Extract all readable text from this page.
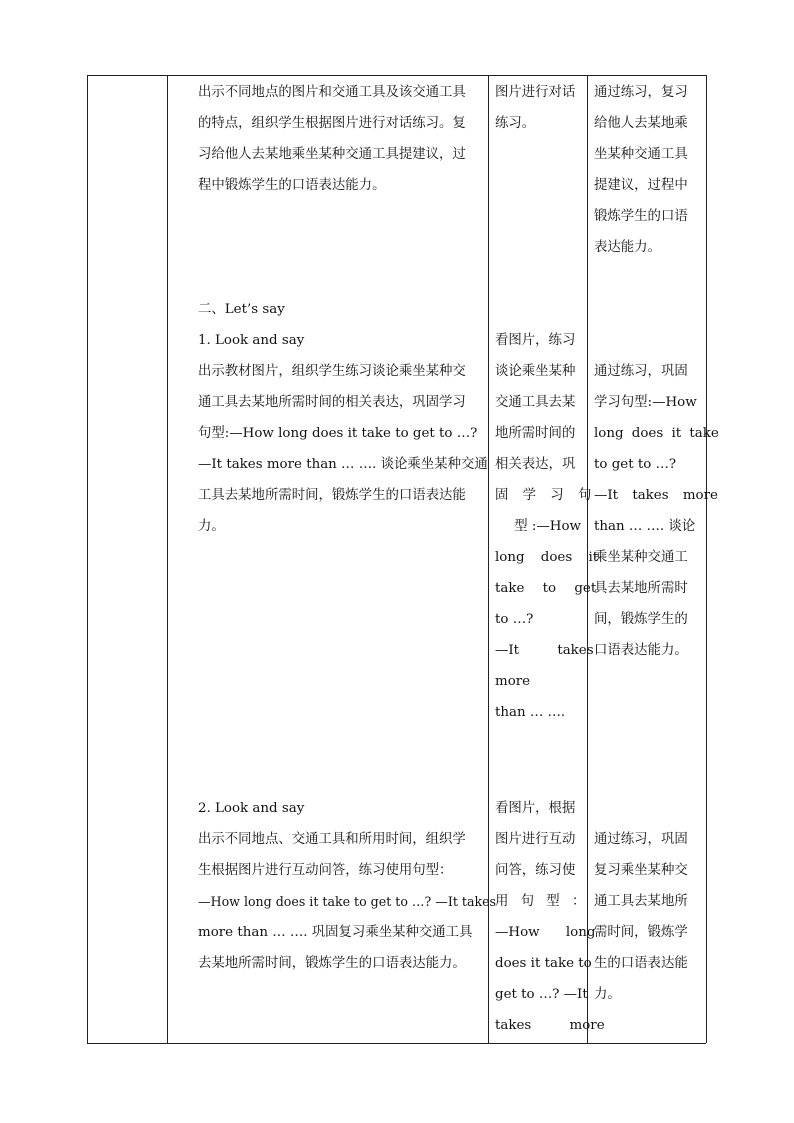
出示不同地点的图片和交通工具及该交通工具
的特点，组织学生根据图片进行对话练习。复
习给他人去某地乘坐某种交通工具提建议，过
程中锻炼学生的口语表达能力。
图片进行对话
练习。
通过练习，复习
给他人去某地乘
坐某种交通工具
提建议，过程中
锻炼学生的口语
表达能力。
二、Let’s say
1. Look and say
出示教材图片，组织学生练习谈论乘坐某种交
通工具去某地所需时间的相关表达，巩固学习
句型:—How long does it take to get to …?
—It takes more than … …. 谈论乘坐某种交通
工具去某地所需时间，锻炼学生的口语表达能
力。
看图片，练习
谈论乘坐某种
交通工具去某
地所需时间的
相关表达，巩
固 学 习 句
型 :—How
long does it
take to get
to …?
—It takes
more
than … ….
通过练习，巩固
学习句型:—How
long does it take
to get to …?
—It takes more
than … …. 谈论
乘坐某种交通工
具去某地所需时
间，锻炼学生的
口语表达能力。
2. Look and say
出示不同地点、交通工具和所用时间，组织学
生根据图片进行互动问答，练习使用句型：
—How long does it take to get to …? —It takes
more than … …. 巩固复习乘坐某种交通工具
去某地所需时间，锻炼学生的口语表达能力。
看图片，根据
图片进行互动
问答，练习使
用 句 型 ：
—How long
does it take to
get to …? —It
takes more
通过练习，巩固
复习乘坐某种交
通工具去某地所
需时间，锻炼学
生的口语表达能
力。
